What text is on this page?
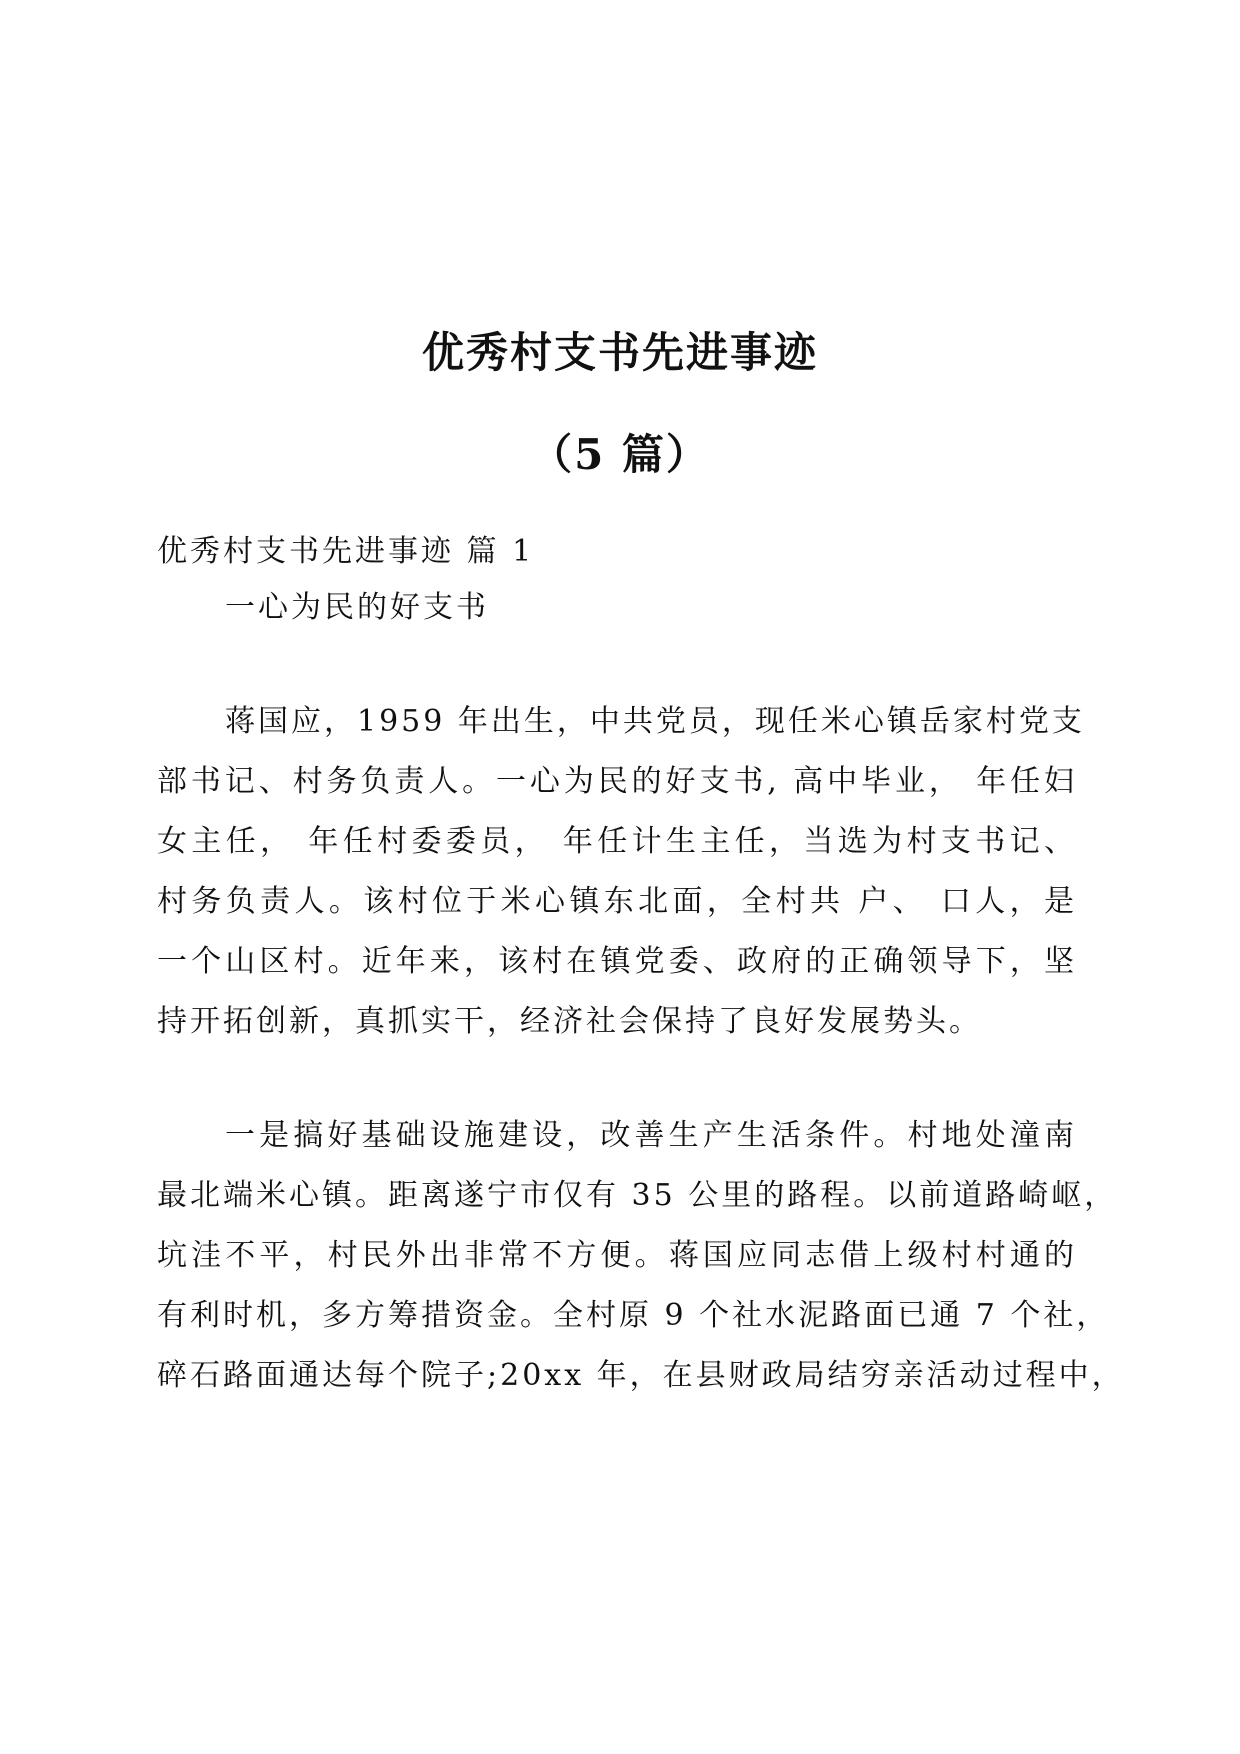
优秀村支书先进事迹
（5 篇）

优秀村支书先进事迹 篇 1

一心为民的好支书

蒋国应，1959 年出生，中共党员，现任米心镇岳家村党支

部书记、村务负责人。一心为民的好支书, 高中毕业， 年任妇

女主任， 年任村委委员， 年任计生主任，当选为村支书记、

村务负责人。该村位于米心镇东北面，全村共 户、 口人，是

一个山区村。近年来，该村在镇党委、政府的正确领导下，坚

持开拓创新，真抓实干，经济社会保持了良好发展势头。

一是搞好基础设施建设，改善生产生活条件。村地处潼南

最北端米心镇。距离遂宁市仅有 35 公里的路程。以前道路崎岖，

坑洼不平，村民外出非常不方便。蒋国应同志借上级村村通的

有利时机，多方筹措资金。全村原 9 个社水泥路面已通 7 个社，

碎石路面通达每个院子;20xx 年，在县财政局结穷亲活动过程中，
